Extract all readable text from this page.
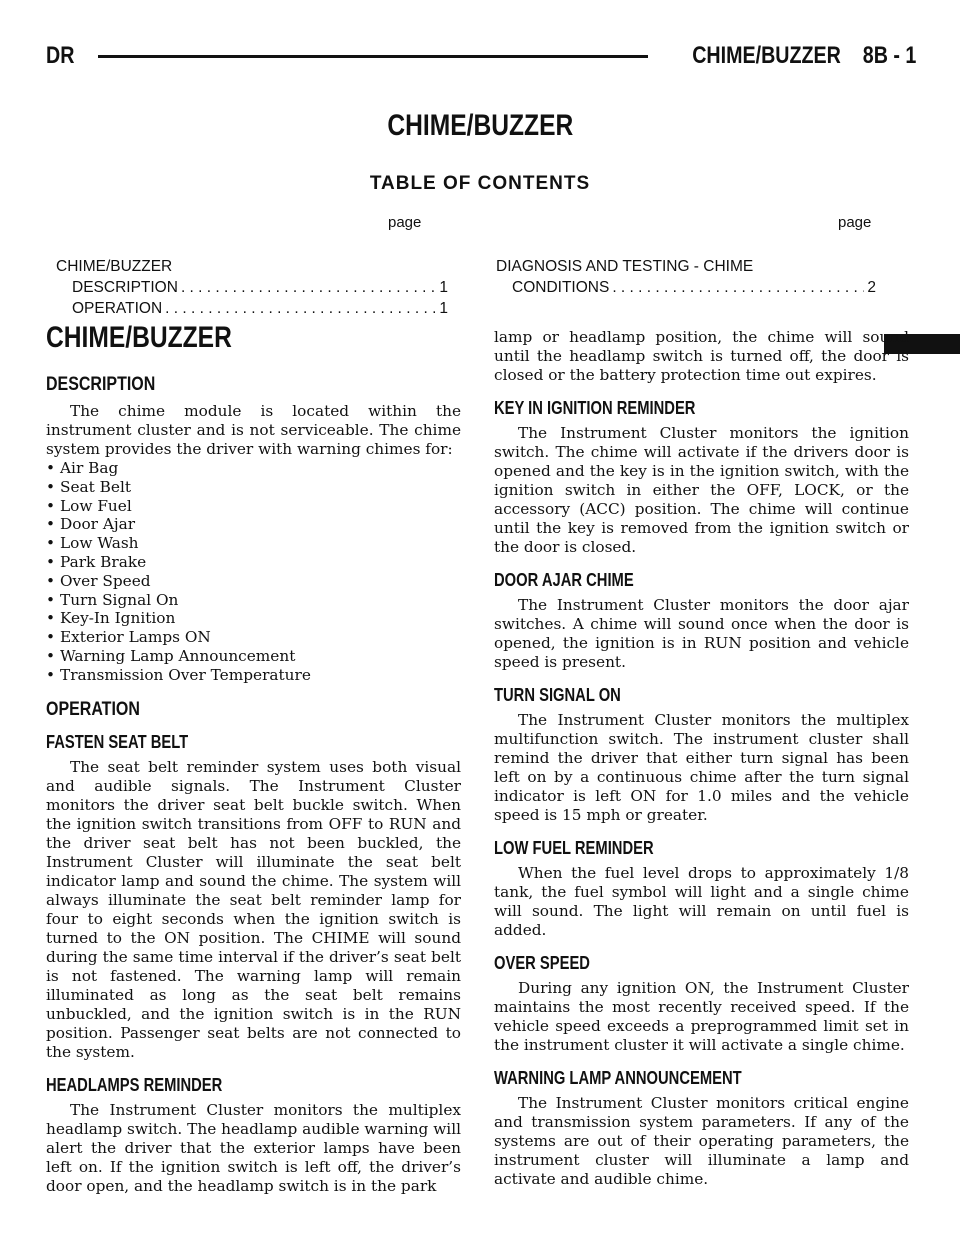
DR	CHIME/BUZZER    8B - 1
CHIME/BUZZER
TABLE OF CONTENTS
page	page
CHIME/BUZZER
DESCRIPTION . . .	1
OPERATION . . .	1
DIAGNOSIS AND TESTING - CHIME
CONDITIONS . . .	2
CHIME/BUZZER
DESCRIPTION

The chime module is located within the instrument cluster and is not serviceable. The chime system provides the driver with warning chimes for:

• Air Bag
• Seat Belt
• Low Fuel
• Door Ajar
• Low Wash
• Park Brake
• Over Speed
• Turn Signal On
• Key-In Ignition
• Exterior Lamps ON
• Warning Lamp Announcement
• Transmission Over Temperature
OPERATION
FASTEN SEAT BELT

The seat belt reminder system uses both visual and audible signals. The Instrument Cluster monitors the driver seat belt buckle switch. When the ignition switch transitions from OFF to RUN and the driver seat belt has not been buckled, the Instrument Cluster will illuminate the seat belt indicator lamp and sound the chime. The system will always illuminate the seat belt reminder lamp for four to eight seconds when the ignition switch is turned to the ON position. The CHIME will sound during the same time interval if the driver’s seat belt is not fastened. The warning lamp will remain illuminated as long as the seat belt remains unbuckled, and the ignition switch is in the RUN position. Passenger seat belts are not connected to the system.

HEADLAMPS REMINDER

The Instrument Cluster monitors the multiplex headlamp switch. The headlamp audible warning will alert the driver that the exterior lamps have been left on. If the ignition switch is left off, the driver’s door open, and the headlamp switch is in the park

lamp or headlamp position, the chime will sound until the headlamp switch is turned off, the door is closed or the battery protection time out expires.

KEY IN IGNITION REMINDER

The Instrument Cluster monitors the ignition switch. The chime will activate if the drivers door is opened and the key is in the ignition switch, with the ignition switch in either the OFF, LOCK, or the accessory (ACC) position. The chime will continue until the key is removed from the ignition switch or the door is closed.

DOOR AJAR CHIME

The Instrument Cluster monitors the door ajar switches. A chime will sound once when the door is opened, the ignition is in RUN position and vehicle speed is present.

TURN SIGNAL ON

The Instrument Cluster monitors the multiplex multifunction switch. The instrument cluster shall remind the driver that either turn signal has been left on by a continuous chime after the turn signal indicator is left ON for 1.0 miles and the vehicle speed is 15 mph or greater.

LOW FUEL REMINDER

When the fuel level drops to approximately 1/8 tank, the fuel symbol will light and a single chime will sound. The light will remain on until fuel is added.

OVER SPEED

During any ignition ON, the Instrument Cluster maintains the most recently received speed. If the vehicle speed exceeds a preprogrammed limit set in the instrument cluster it will activate a single chime.

WARNING LAMP ANNOUNCEMENT

The Instrument Cluster monitors critical engine and transmission system parameters. If any of the systems are out of their operating parameters, the instrument cluster will illuminate a lamp and activate and audible chime.
